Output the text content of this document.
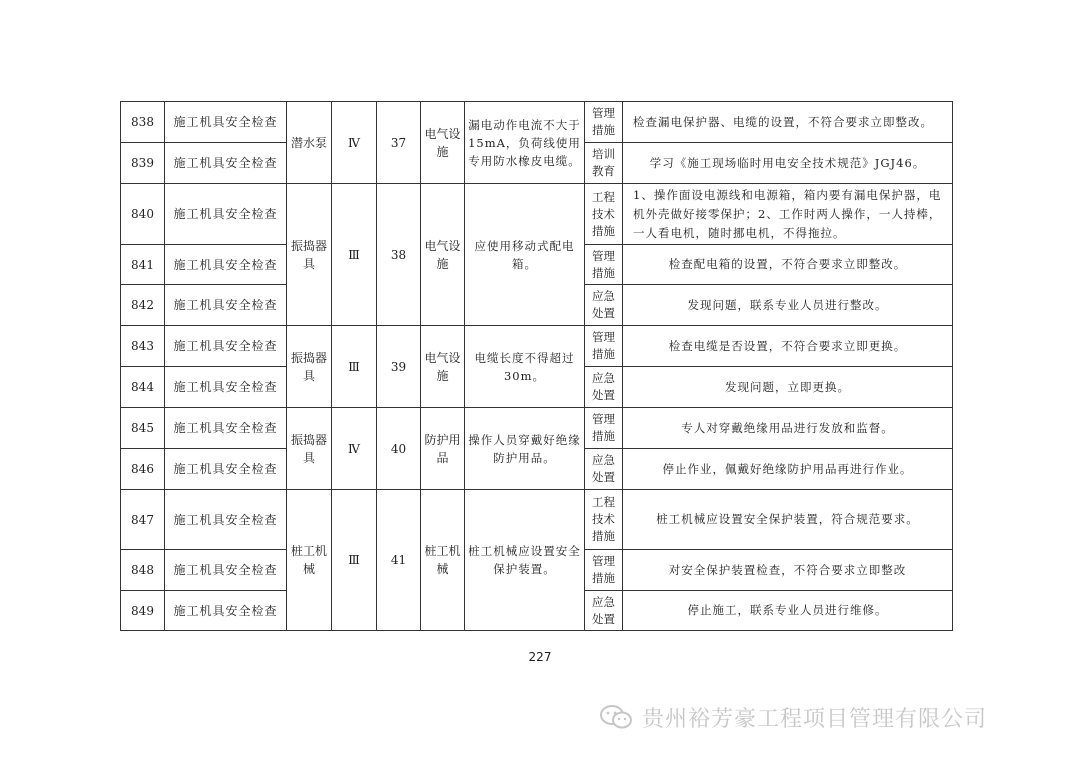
838	施工机具安全检查	潜水泵	Ⅳ	37	电气设施	漏电动作电流不大于15mA，负荷线使用专用防水橡皮电缆。	管理措施	检查漏电保护器、电缆的设置，不符合要求立即整改。
839	施工机具安全检查						培训教育	学习《施工现场临时用电安全技术规范》JGJ46。
840	施工机具安全检查	振捣器具	Ⅲ	38	电气设施	应使用移动式配电箱。	工程技术措施	1、操作面设电源线和电源箱，箱内要有漏电保护器，电机外壳做好接零保护；2、工作时两人操作，一人持棒，一人看电机，随时挪电机，不得拖拉。
841	施工机具安全检查						管理措施	检查配电箱的设置，不符合要求立即整改。
842	施工机具安全检查						应急处置	发现问题，联系专业人员进行整改。
843	施工机具安全检查	振捣器具	Ⅲ	39	电气设施	电缆长度不得超过30m。	管理措施	检查电缆是否设置，不符合要求立即更换。
844	施工机具安全检查						应急处置	发现问题，立即更换。
845	施工机具安全检查	振捣器具	Ⅳ	40	防护用品	操作人员穿戴好绝缘防护用品。	管理措施	专人对穿戴绝缘用品进行发放和监督。
846	施工机具安全检查						应急处置	停止作业，佩戴好绝缘防护用品再进行作业。
847	施工机具安全检查	桩工机械	Ⅲ	41	桩工机械	桩工机械应设置安全保护装置。	工程技术措施	桩工机械应设置安全保护装置，符合规范要求。
848	施工机具安全检查						管理措施	对安全保护装置检查，不符合要求立即整改
849	施工机具安全检查						应急处置	停止施工，联系专业人员进行维修。
227
贵州裕芳豪工程项目管理有限公司
